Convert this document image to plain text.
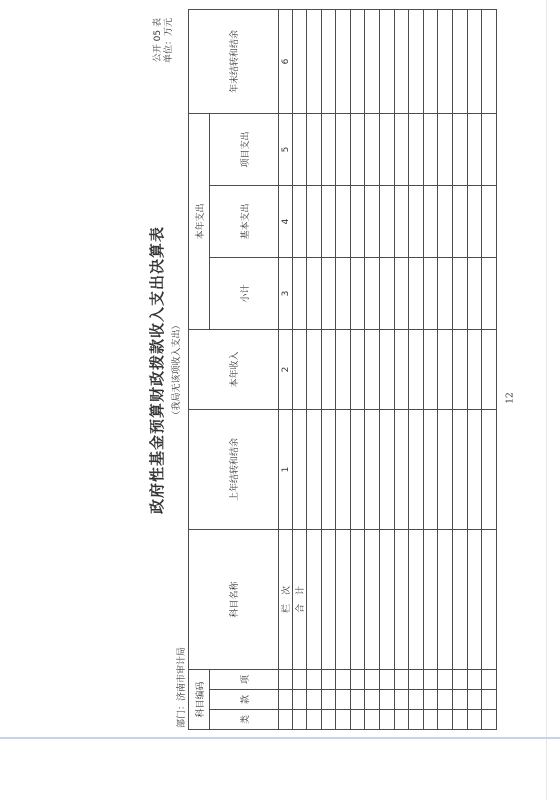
政府性基金预算财政拨款收入支出决算表 （我局无该项收入支出）
公开 05 表 单位：万元
部门：济南市审计局 科目编码			科目名称	上年结转和结余	本年收入	本年支出			年末结转和结余
						小计	基本支出	项目支出	
类	款	项							
			栏　次	1	2	3	4	5	6
			合　计						

12
